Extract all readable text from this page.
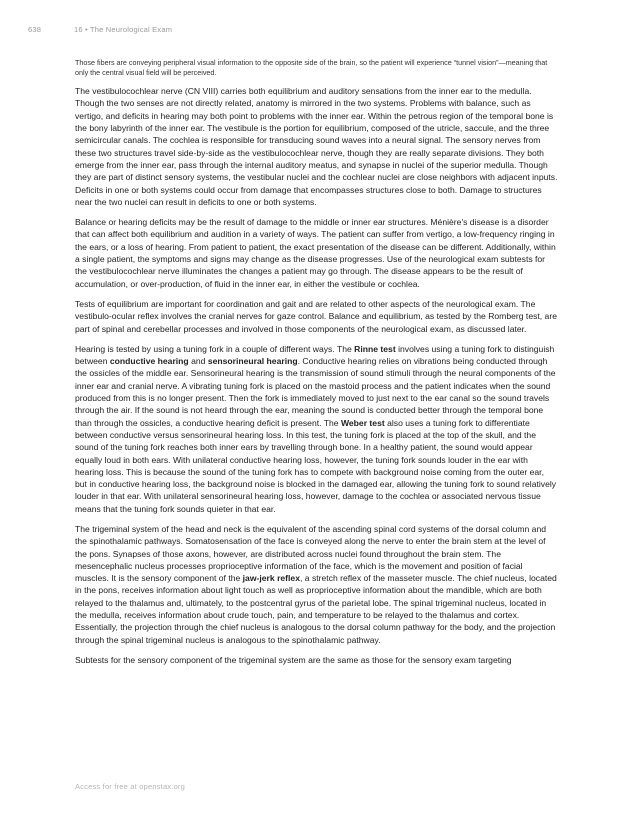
638	16 • The Neurological Exam

Those fibers are conveying peripheral visual information to the opposite side of the brain, so the patient will experience “tunnel vision”—meaning that only the central visual field will be perceived.

The vestibulocochlear nerve (CN VIII) carries both equilibrium and auditory sensations from the inner ear to the medulla. Though the two senses are not directly related, anatomy is mirrored in the two systems. Problems with balance, such as vertigo, and deficits in hearing may both point to problems with the inner ear. Within the petrous region of the temporal bone is the bony labyrinth of the inner ear. The vestibule is the portion for equilibrium, composed of the utricle, saccule, and the three semicircular canals. The cochlea is responsible for transducing sound waves into a neural signal. The sensory nerves from these two structures travel side-by-side as the vestibulocochlear nerve, though they are really separate divisions. They both emerge from the inner ear, pass through the internal auditory meatus, and synapse in nuclei of the superior medulla. Though they are part of distinct sensory systems, the vestibular nuclei and the cochlear nuclei are close neighbors with adjacent inputs. Deficits in one or both systems could occur from damage that encompasses structures close to both. Damage to structures near the two nuclei can result in deficits to one or both systems.

Balance or hearing deficits may be the result of damage to the middle or inner ear structures. Ménière's disease is a disorder that can affect both equilibrium and audition in a variety of ways. The patient can suffer from vertigo, a low-frequency ringing in the ears, or a loss of hearing. From patient to patient, the exact presentation of the disease can be different. Additionally, within a single patient, the symptoms and signs may change as the disease progresses. Use of the neurological exam subtests for the vestibulocochlear nerve illuminates the changes a patient may go through. The disease appears to be the result of accumulation, or over-production, of fluid in the inner ear, in either the vestibule or cochlea.

Tests of equilibrium are important for coordination and gait and are related to other aspects of the neurological exam. The vestibulo-ocular reflex involves the cranial nerves for gaze control. Balance and equilibrium, as tested by the Romberg test, are part of spinal and cerebellar processes and involved in those components of the neurological exam, as discussed later.

Hearing is tested by using a tuning fork in a couple of different ways. The Rinne test involves using a tuning fork to distinguish between conductive hearing and sensorineural hearing. Conductive hearing relies on vibrations being conducted through the ossicles of the middle ear. Sensorineural hearing is the transmission of sound stimuli through the neural components of the inner ear and cranial nerve. A vibrating tuning fork is placed on the mastoid process and the patient indicates when the sound produced from this is no longer present. Then the fork is immediately moved to just next to the ear canal so the sound travels through the air. If the sound is not heard through the ear, meaning the sound is conducted better through the temporal bone than through the ossicles, a conductive hearing deficit is present. The Weber test also uses a tuning fork to differentiate between conductive versus sensorineural hearing loss. In this test, the tuning fork is placed at the top of the skull, and the sound of the tuning fork reaches both inner ears by travelling through bone. In a healthy patient, the sound would appear equally loud in both ears. With unilateral conductive hearing loss, however, the tuning fork sounds louder in the ear with hearing loss. This is because the sound of the tuning fork has to compete with background noise coming from the outer ear, but in conductive hearing loss, the background noise is blocked in the damaged ear, allowing the tuning fork to sound relatively louder in that ear. With unilateral sensorineural hearing loss, however, damage to the cochlea or associated nervous tissue means that the tuning fork sounds quieter in that ear.

The trigeminal system of the head and neck is the equivalent of the ascending spinal cord systems of the dorsal column and the spinothalamic pathways. Somatosensation of the face is conveyed along the nerve to enter the brain stem at the level of the pons. Synapses of those axons, however, are distributed across nuclei found throughout the brain stem. The mesencephalic nucleus processes proprioceptive information of the face, which is the movement and position of facial muscles. It is the sensory component of the jaw-jerk reflex, a stretch reflex of the masseter muscle. The chief nucleus, located in the pons, receives information about light touch as well as proprioceptive information about the mandible, which are both relayed to the thalamus and, ultimately, to the postcentral gyrus of the parietal lobe. The spinal trigeminal nucleus, located in the medulla, receives information about crude touch, pain, and temperature to be relayed to the thalamus and cortex. Essentially, the projection through the chief nucleus is analogous to the dorsal column pathway for the body, and the projection through the spinal trigeminal nucleus is analogous to the spinothalamic pathway.

Subtests for the sensory component of the trigeminal system are the same as those for the sensory exam targeting

Access for free at openstax.org
